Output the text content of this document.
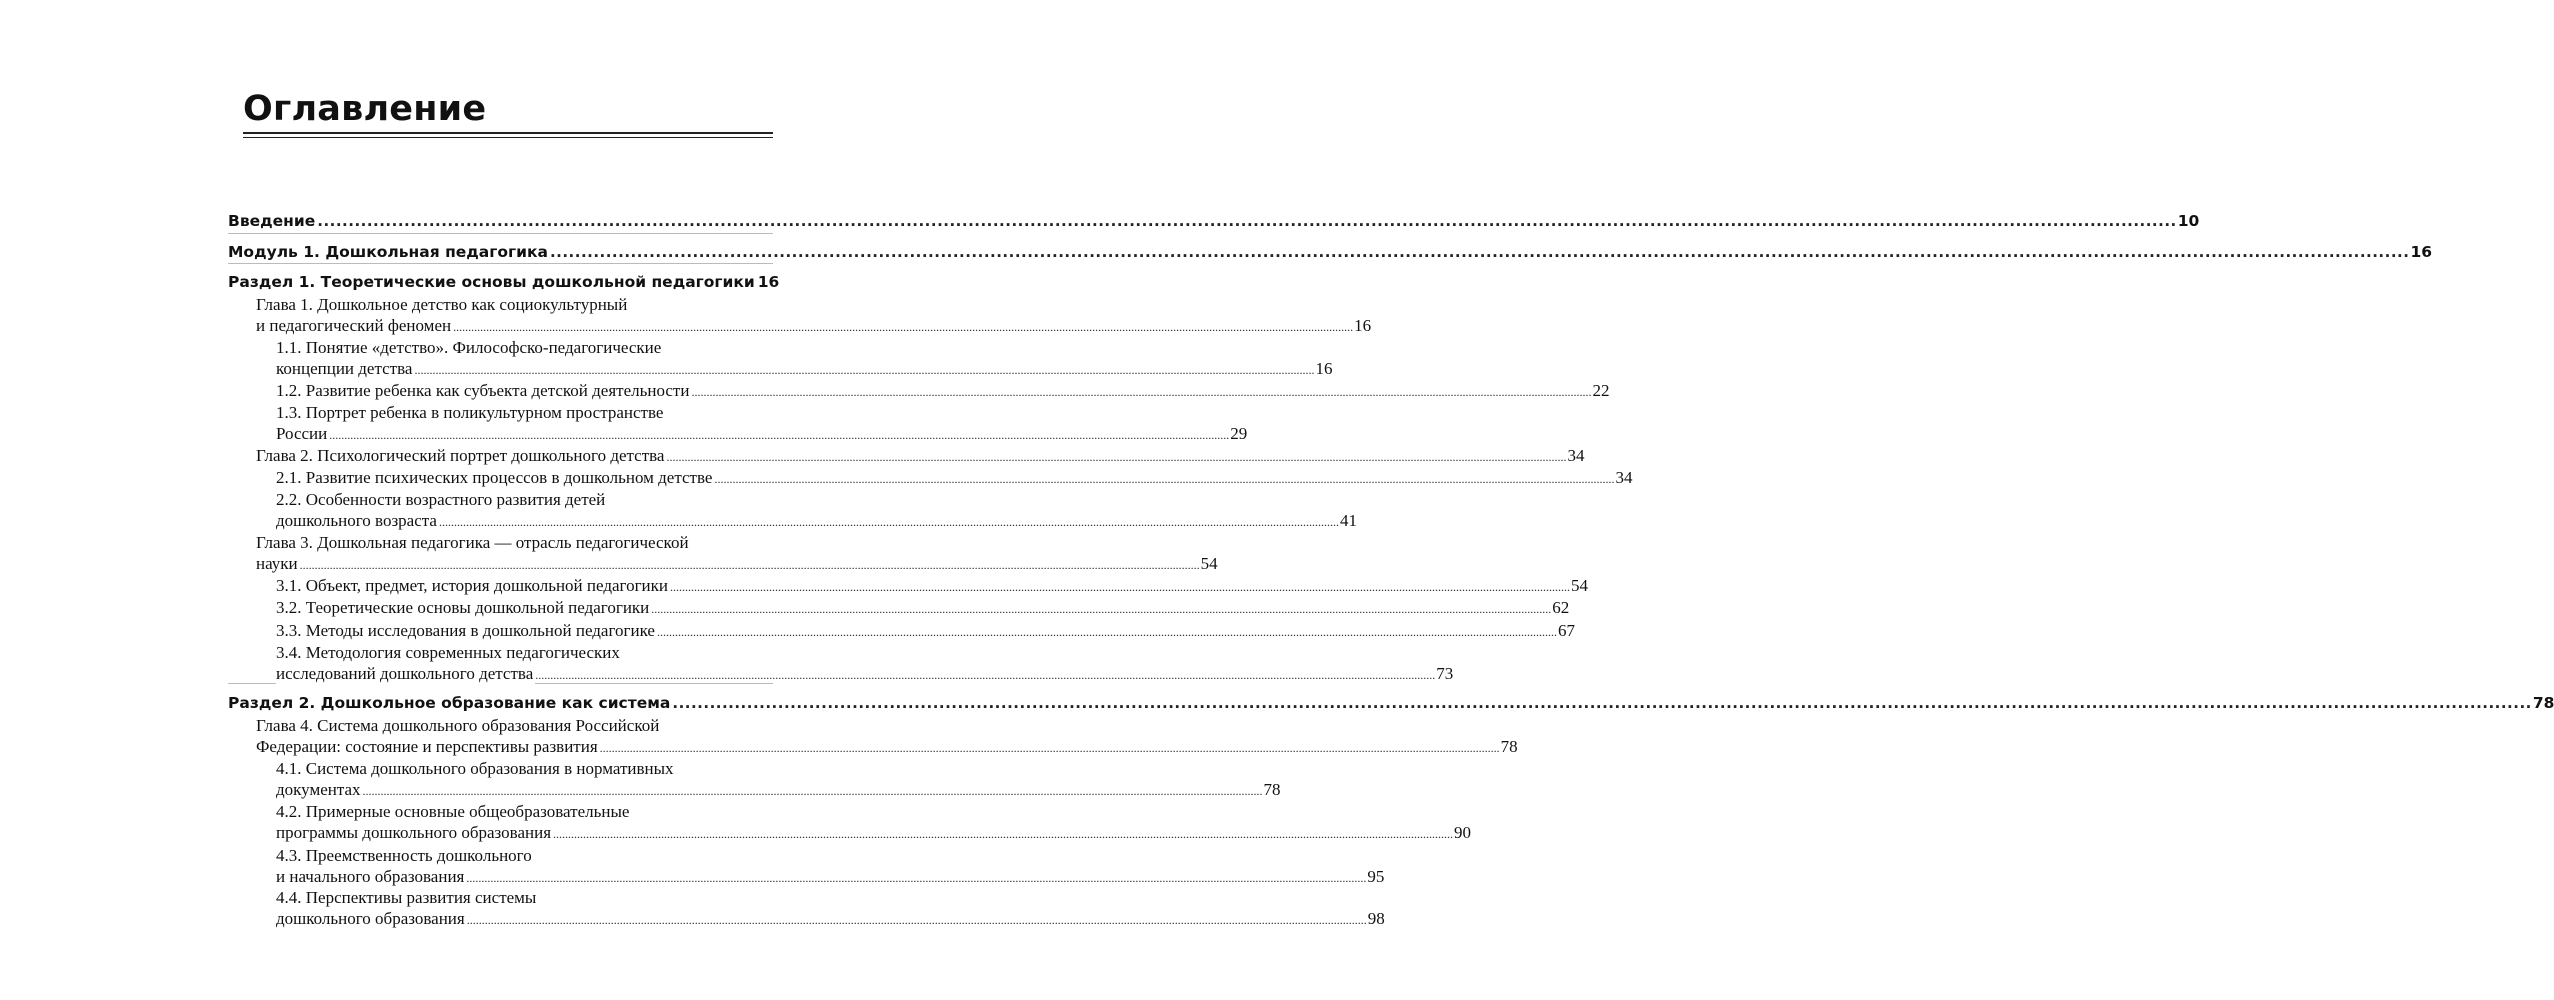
Оглавление
Введение ............................................................................................................................................................................................................................................................................................................ 10
Модуль 1. Дошкольная педагогика ............................................................................................................................................................................................................................................................................................................ 16
Раздел 1. Теоретические основы дошкольной педагогики 16
Глава 1. Дошкольное детство как социокультурный
и педагогический феномен ............................................................................................................................................................................................................................................................................................................ 16
1.1. Понятие «детство». Философско-педагогические
концепции детства ............................................................................................................................................................................................................................................................................................................ 16
1.2. Развитие ребенка как субъекта детской деятельности ............................................................................................................................................................................................................................................................................................................ 22
1.3. Портрет ребенка в поликультурном пространстве
России ............................................................................................................................................................................................................................................................................................................ 29
Глава 2. Психологический портрет дошкольного детства ............................................................................................................................................................................................................................................................................................................ 34
2.1. Развитие психических процессов в дошкольном детстве ............................................................................................................................................................................................................................................................................................................ 34
2.2. Особенности возрастного развития детей
дошкольного возраста ............................................................................................................................................................................................................................................................................................................ 41
Глава 3. Дошкольная педагогика — отрасль педагогической
науки ............................................................................................................................................................................................................................................................................................................ 54
3.1. Объект, предмет, история дошкольной педагогики ............................................................................................................................................................................................................................................................................................................ 54
3.2. Теоретические основы дошкольной педагогики ............................................................................................................................................................................................................................................................................................................ 62
3.3. Методы исследования в дошкольной педагогике ............................................................................................................................................................................................................................................................................................................ 67
3.4. Методология современных педагогических
исследований дошкольного детства ............................................................................................................................................................................................................................................................................................................ 73
Раздел 2. Дошкольное образование как система ............................................................................................................................................................................................................................................................................................................ 78
Глава 4. Система дошкольного образования Российской
Федерации: состояние и перспективы развития ............................................................................................................................................................................................................................................................................................................ 78
4.1. Система дошкольного образования в нормативных
документах ............................................................................................................................................................................................................................................................................................................ 78
4.2. Примерные основные общеобразовательные
программы дошкольного образования ............................................................................................................................................................................................................................................................................................................ 90
4.3. Преемственность дошкольного
и начального образования ............................................................................................................................................................................................................................................................................................................ 95
4.4. Перспективы развития системы
дошкольного образования ............................................................................................................................................................................................................................................................................................................ 98
